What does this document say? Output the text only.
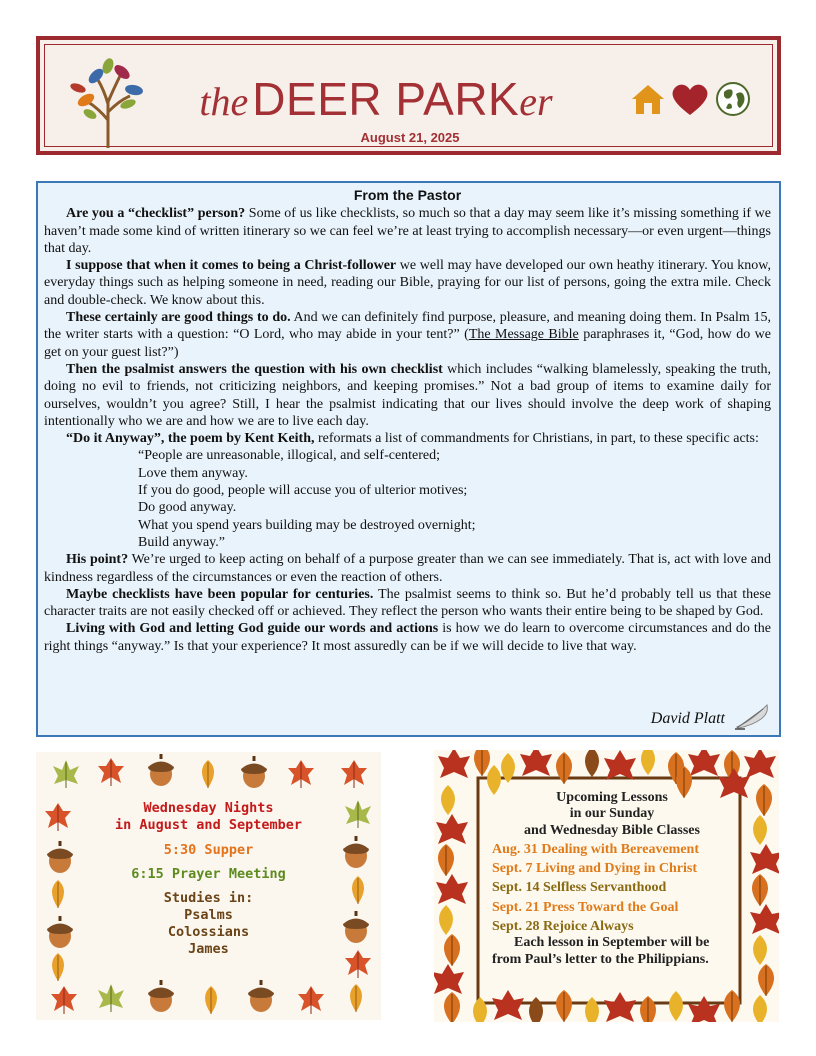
the DEER PARKer
August 21, 2025

From the Pastor

Are you a “checklist” person? Some of us like checklists, so much so that a day may seem like it’s missing something if we haven’t made some kind of written itinerary so we can feel we’re at least trying to accomplish necessary—or even urgent—things that day.

I suppose that when it comes to being a Christ-follower we well may have developed our own heathy itinerary. You know, everyday things such as helping someone in need, reading our Bible, praying for our list of persons, going the extra mile. Check and double-check. We know about this.

These certainly are good things to do. And we can definitely find purpose, pleasure, and meaning doing them. In Psalm 15, the writer starts with a question: “O Lord, who may abide in your tent?” (The Message Bible paraphrases it, “God, how do we get on your guest list?”)

Then the psalmist answers the question with his own checklist which includes “walking blamelessly, speaking the truth, doing no evil to friends, not criticizing neighbors, and keeping promises.” Not a bad group of items to examine daily for ourselves, wouldn’t you agree? Still, I hear the psalmist indicating that our lives should involve the deep work of shaping intentionally who we are and how we are to live each day.

“Do it Anyway”, the poem by Kent Keith, reformats a list of commandments for Christians, in part, to these specific acts:

“People are unreasonable, illogical, and self-centered;
Love them anyway.
If you do good, people will accuse you of ulterior motives;
Do good anyway.
What you spend years building may be destroyed overnight;
Build anyway.”

His point? We’re urged to keep acting on behalf of a purpose greater than we can see immediately. That is, act with love and kindness regardless of the circumstances or even the reaction of others.

Maybe checklists have been popular for centuries. The psalmist seems to think so. But he’d probably tell us that these character traits are not easily checked off or achieved. They reflect the person who wants their entire being to be shaped by God.

Living with God and letting God guide our words and actions is how we do learn to overcome circumstances and do the right things “anyway.” Is that your experience? It most assuredly can be if we will decide to live that way.

David Platt
Wednesday Nights
in August and September
5:30 Supper
6:15 Prayer Meeting
Studies in:
Psalms
Colossians
James
Upcoming Lessons
in our Sunday
and Wednesday Bible Classes
Aug. 31 Dealing with Bereavement
Sept. 7 Living and Dying in Christ
Sept. 14 Selfless Servanthood
Sept. 21 Press Toward the Goal
Sept. 28 Rejoice Always
Each lesson in September will be from Paul’s letter to the Philippians.
